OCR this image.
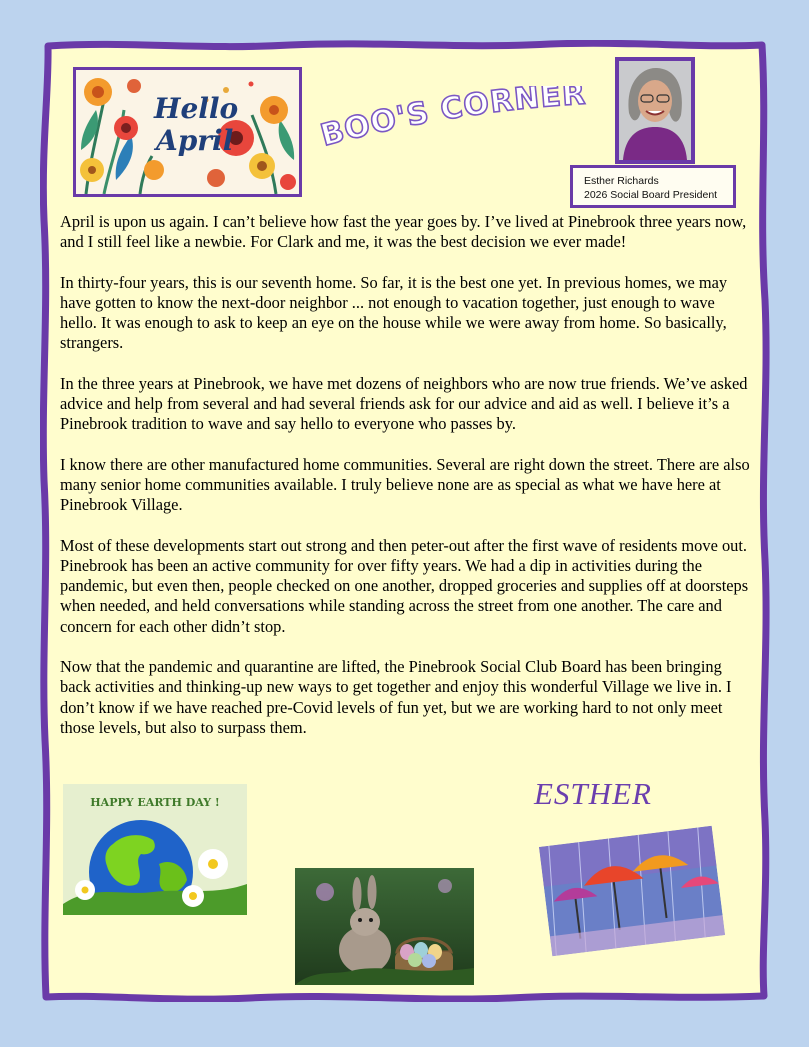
Hello
April	BOO'S CORNER
Esther Richards
2026 Social Board President

April is upon us again. I can’t believe how fast the year goes by. I’ve lived at Pinebrook three years now, and I still feel like a newbie. For Clark and me, it was the best decision we ever made!

In thirty-four years, this is our seventh home. So far, it is the best one yet. In previous homes, we may have gotten to know the next-door neighbor ... not enough to vacation together, just enough to wave hello. It was enough to ask to keep an eye on the house while we were away from home. So basically, strangers.

In the three years at Pinebrook, we have met dozens of neighbors who are now true friends. We’ve asked advice and help from several and had several friends ask for our advice and aid as well. I believe it’s a Pinebrook tradition to wave and say hello to everyone who passes by.

I know there are other manufactured home communities. Several are right down the street. There are also many senior home communities available. I truly believe none are as special as what we have here at Pinebrook Village.

Most of these developments start out strong and then peter-out after the first wave of residents move out. Pinebrook has been an active community for over fifty years. We had a dip in activities during the pandemic, but even then, people checked on one another, dropped groceries and supplies off at doorsteps when needed, and held conversations while standing across the street from one another. The care and concern for each other didn’t stop.

Now that the pandemic and quarantine are lifted, the Pinebrook Social Club Board has been bringing back activities and thinking-up new ways to get together and enjoy this wonderful Village we live in. I don’t know if we have reached pre-Covid levels of fun yet, but we are working hard to not only meet those levels, but also to surpass them.

ESTHER
HAPPY EARTH DAY !
